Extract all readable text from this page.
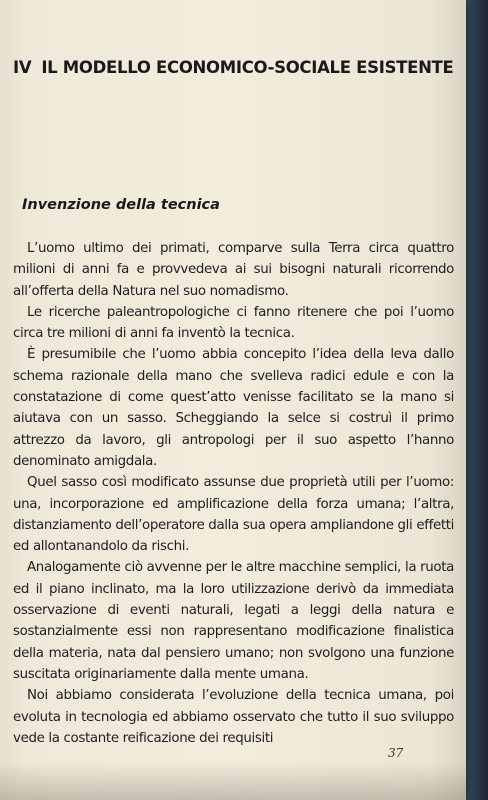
IV IL MODELLO ECONOMICO-SOCIALE ESISTENTE
Invenzione della tecnica

L’uomo ultimo dei primati, comparve sulla Terra circa quattro milioni di anni fa e provvedeva ai sui bisogni naturali ricorrendo all’offerta della Natura nel suo nomadismo.

Le ricerche paleantropologiche ci fanno ritenere che poi l’uomo circa tre milioni di anni fa inventò la tecnica.

È presumibile che l’uomo abbia concepito l’idea della leva dallo schema razionale della mano che svelleva radici edule e con la constatazione di come quest’atto venisse facilitato se la mano si aiutava con un sasso. Scheggiando la selce si costruì il primo attrezzo da lavoro, gli antropologi per il suo aspetto l’hanno denominato amigdala.

Quel sasso così modificato assunse due proprietà utili per l’uomo: una, incorporazione ed amplificazione della forza umana; l’altra, distanziamento dell’operatore dalla sua opera ampliandone gli effetti ed allontanandolo da rischi.

Analogamente ciò avvenne per le altre macchine semplici, la ruota ed il piano inclinato, ma la loro utilizzazione derivò da immediata osservazione di eventi naturali, legati a leggi della natura e sostanzialmente essi non rappresentano modificazione finalistica della materia, nata dal pensiero umano; non svolgono una funzione suscitata originariamente dalla mente umana.

Noi abbiamo considerata l’evoluzione della tecnica umana, poi evoluta in tecnologia ed abbiamo osservato che tutto il suo sviluppo vede la costante reificazione dei requisiti

37
